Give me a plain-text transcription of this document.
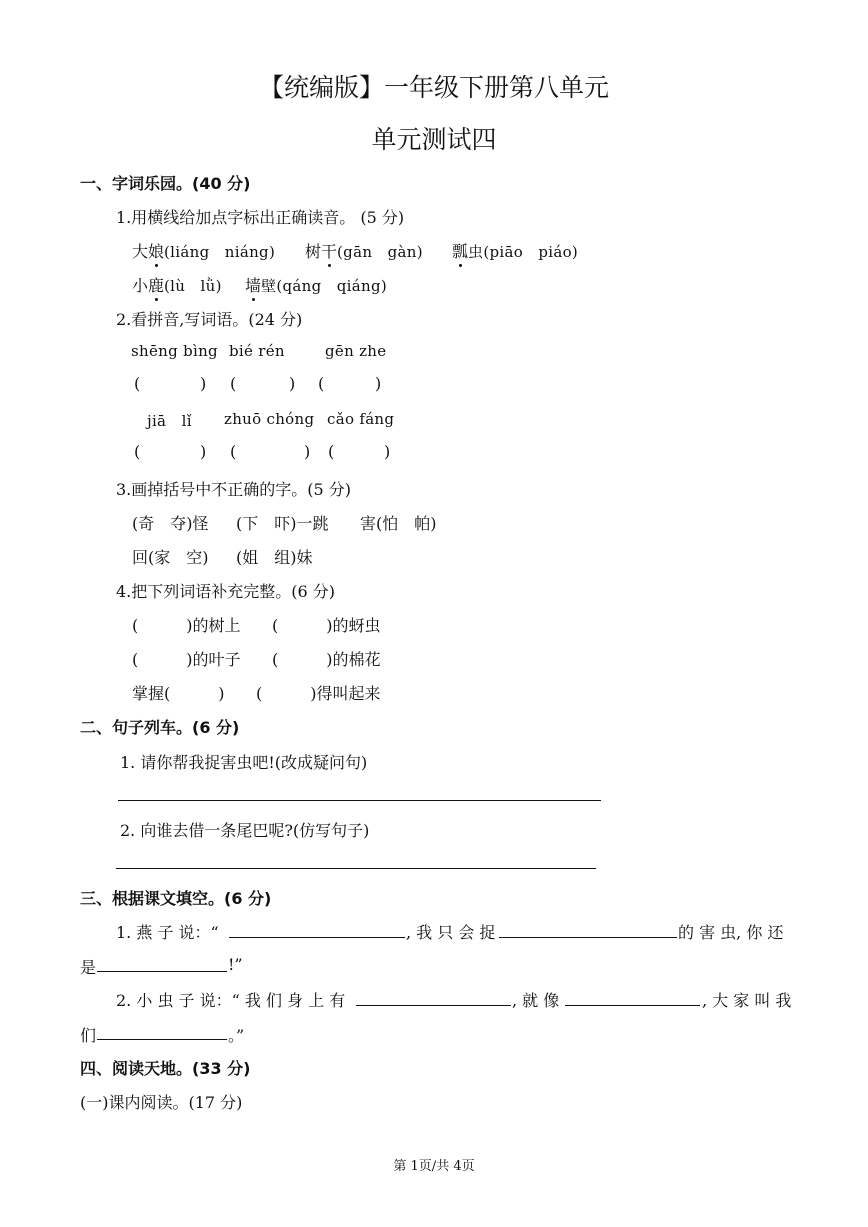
【统编版】一年级下册第八单元
单元测试四
一、字词乐园。(40 分)
1.用横线给加点字标出正确读音。 (5 分)
大娘(liáng　niáng) 树干(gān　gàn) 瓢虫(piāo　piáo)
小鹿(lù　lǜ) 墙壁(qáng　qiáng)
2.看拼音,写词语。(24 分)
shēng bìng bié rén	gēn zhe
(	) (	) (	)
jiā　lǐ zhuō chóng cǎo fáng
(	) (	) (	)
3.画掉括号中不正确的字。(5 分)
(奇　夺)怪 (下　吓)一跳 害(怕　帕)
回(家　空) (姐　组)妹
4.把下列词语补充完整。(6 分)
(　　　)的树上 (　　　)的蚜虫
(　　　)的叶子 (　　　)的棉花
掌握(　　　) (　　　)得叫起来
二、句子列车。(6 分)
1. 请你帮我捉害虫吧!(改成疑问句)
2. 向谁去借一条尾巴呢?(仿写句子)
三、根据课文填空。(6 分)
1. 燕 子 说：“	, 我 只 会 捉	的 害 虫, 你 还
是	!”
2. 小 虫 子 说：“ 我 们 身 上 有	, 就 像	, 大 家 叫 我
们	。”
四、阅读天地。(33 分)
(一)课内阅读。(17 分)
第 1页/共 4页
